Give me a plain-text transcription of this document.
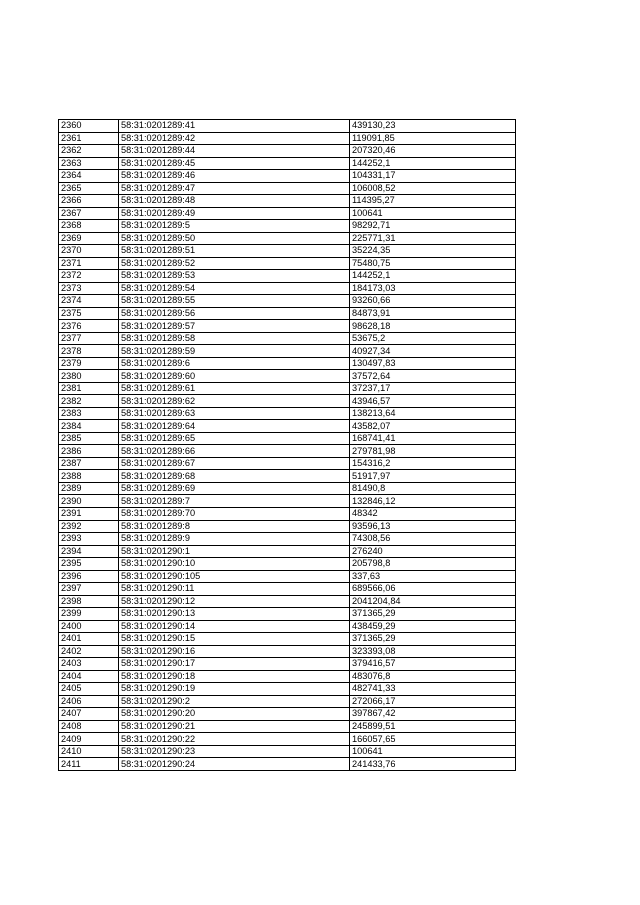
2360	58:31:0201289:41	439130,23
2361	58:31:0201289:42	119091,85
2362	58:31:0201289:44	207320,46
2363	58:31:0201289:45	144252,1
2364	58:31:0201289:46	104331,17
2365	58:31:0201289:47	106008,52
2366	58:31:0201289:48	114395,27
2367	58:31:0201289:49	100641
2368	58:31:0201289:5	98292,71
2369	58:31:0201289:50	225771,31
2370	58:31:0201289:51	35224,35
2371	58:31:0201289:52	75480,75
2372	58:31:0201289:53	144252,1
2373	58:31:0201289:54	184173,03
2374	58:31:0201289:55	93260,66
2375	58:31:0201289:56	84873,91
2376	58:31:0201289:57	98628,18
2377	58:31:0201289:58	53675,2
2378	58:31:0201289:59	40927,34
2379	58:31:0201289:6	130497,83
2380	58:31:0201289:60	37572,64
2381	58:31:0201289:61	37237,17
2382	58:31:0201289:62	43946,57
2383	58:31:0201289:63	138213,64
2384	58:31:0201289:64	43582,07
2385	58:31:0201289:65	168741,41
2386	58:31:0201289:66	279781,98
2387	58:31:0201289:67	154316,2
2388	58:31:0201289:68	51917,97
2389	58:31:0201289:69	81490,8
2390	58:31:0201289:7	132846,12
2391	58:31:0201289:70	48342
2392	58:31:0201289:8	93596,13
2393	58:31:0201289:9	74308,56
2394	58:31:0201290:1	276240
2395	58:31:0201290:10	205798,8
2396	58:31:0201290:105	337,63
2397	58:31:0201290:11	689566,06
2398	58:31:0201290:12	2041204,84
2399	58:31:0201290:13	371365,29
2400	58:31:0201290:14	438459,29
2401	58:31:0201290:15	371365,29
2402	58:31:0201290:16	323393,08
2403	58:31:0201290:17	379416,57
2404	58:31:0201290:18	483076,8
2405	58:31:0201290:19	482741,33
2406	58:31:0201290:2	272066,17
2407	58:31:0201290:20	397867,42
2408	58:31:0201290:21	245899,51
2409	58:31:0201290:22	166057,65
2410	58:31:0201290:23	100641
2411	58:31:0201290:24	241433,76
